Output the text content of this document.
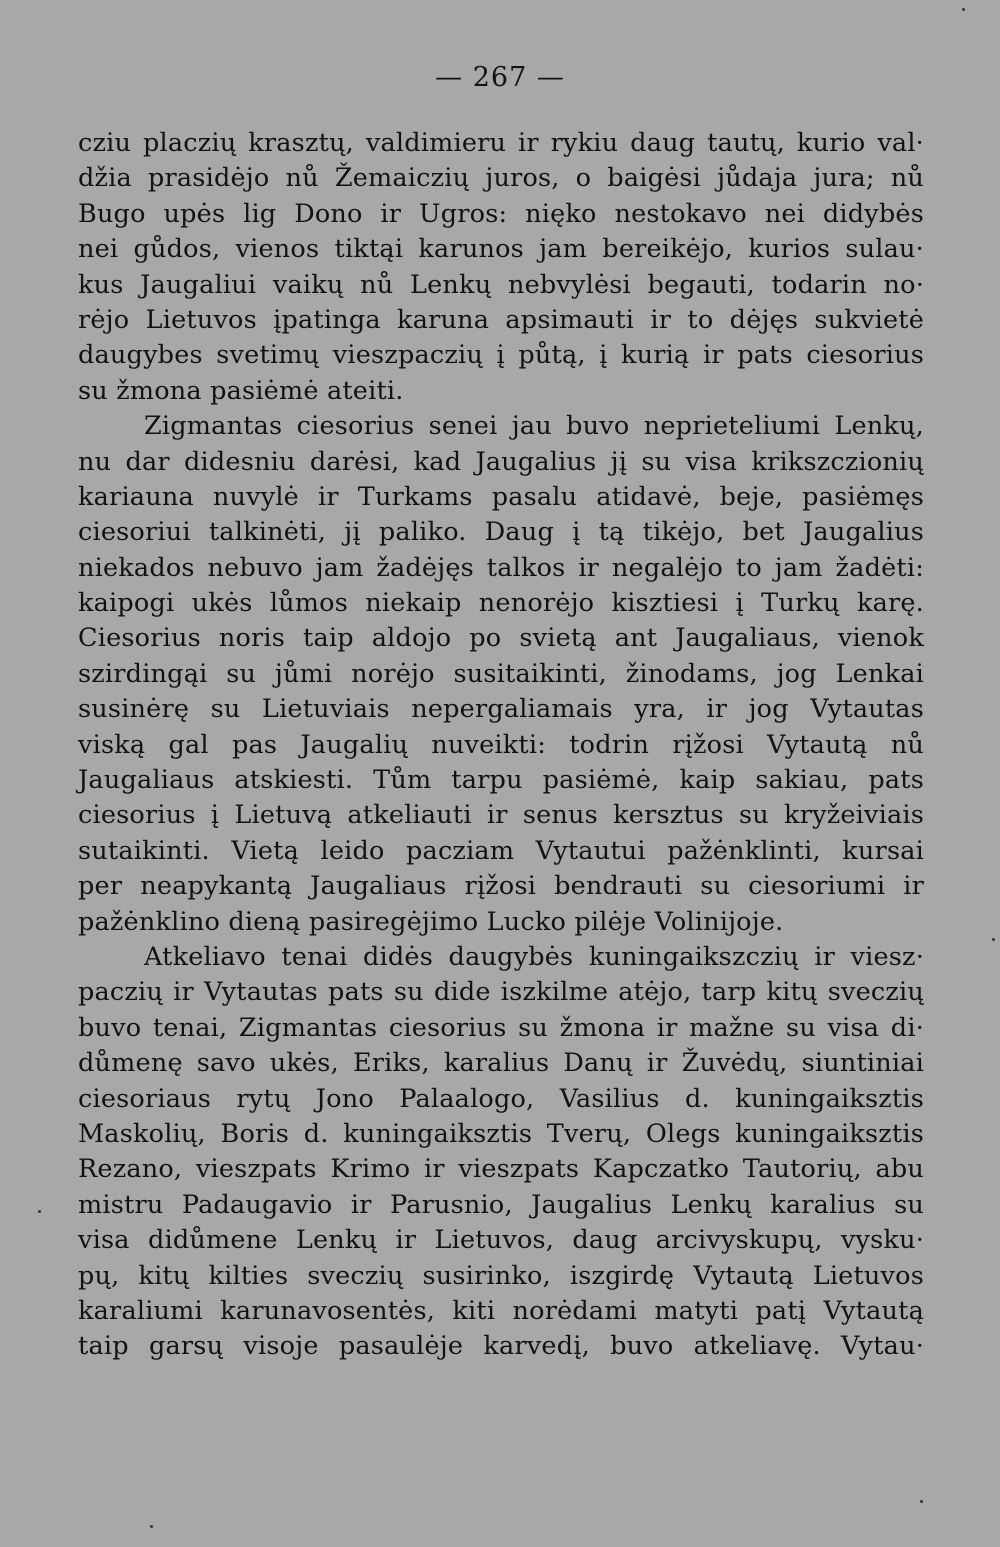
— 267 —
cziu placzių krasztų, valdimieru ir rykiu daug tautų, kurio val·
džia prasidėjo nů Žemaiczių juros, o baigėsi jůdaja jura; nů
Bugo upės lig Dono ir Ugros: nięko nestokavo nei didybės
nei gůdos, vienos tiktąi karunos jam bereikėjo, kurios sulau·
kus Jaugaliui vaikų nů Lenkų nebvylėsi begauti, todarin no·
rėjo Lietuvos įpatinga karuna apsimauti ir to dėjęs sukvietė
daugybes svetimų vieszpaczių į půtą, į kurią ir pats ciesorius
su žmona pasiėmė ateiti.
Zigmantas ciesorius senei jau buvo neprieteliumi Lenkų,
nu dar didesniu darėsi, kad Jaugalius jį su visa krikszczionių
kariauna nuvylė ir Turkams pasalu atidavė, beje, pasiėmęs
ciesoriui talkinėti, jį paliko. Daug į tą tikėjo, bet Jaugalius
niekados nebuvo jam žadėjęs talkos ir negalėjo to jam žadėti:
kaipogi ukės lůmos niekaip nenorėjo kisztiesi į Turkų karę.
Ciesorius noris taip aldojo po svietą ant Jaugaliaus, vienok
szirdingąi su jůmi norėjo susitaikinti, žinodams, jog Lenkai
susinėrę su Lietuviais nepergaliamais yra, ir jog Vytautas
viską gal pas Jaugalių nuveikti: todrin rįžosi Vytautą nů
Jaugaliaus atskiesti. Tům tarpu pasiėmė, kaip sakiau, pats
ciesorius į Lietuvą atkeliauti ir senus kersztus su kryžeiviais
sutaikinti. Vietą leido pacziam Vytautui pažėnklinti, kursai
per neapykantą Jaugaliaus rįžosi bendrauti su ciesoriumi ir
pažėnklino dieną pasiregėjimo Lucko pilėje Volinijoje.
Atkeliavo tenai didės daugybės kuningaikszczių ir viesz·
paczių ir Vytautas pats su dide iszkilme atėjo, tarp kitų sveczių
buvo tenai, Zigmantas ciesorius su žmona ir mažne su visa di·
důmenę savo ukės, Eriks, karalius Danų ir Žuvėdų, siuntiniai
ciesoriaus rytų Jono Palaalogo, Vasilius d. kuningaiksztis
Maskolių, Boris d. kuningaiksztis Tverų, Olegs kuningaiksztis
Rezano, vieszpats Krimo ir vieszpats Kapczatko Tautorių, abu
mistru Padaugavio ir Parusnio, Jaugalius Lenkų karalius su
visa didůmene Lenkų ir Lietuvos, daug arcivyskupų, vysku·
pų, kitų kilties sveczių susirinko, iszgirdę Vytautą Lietuvos
karaliumi karunavosentės, kiti norėdami matyti patį Vytautą
taip garsų visoje pasaulėje karvedį, buvo atkeliavę. Vytau·
